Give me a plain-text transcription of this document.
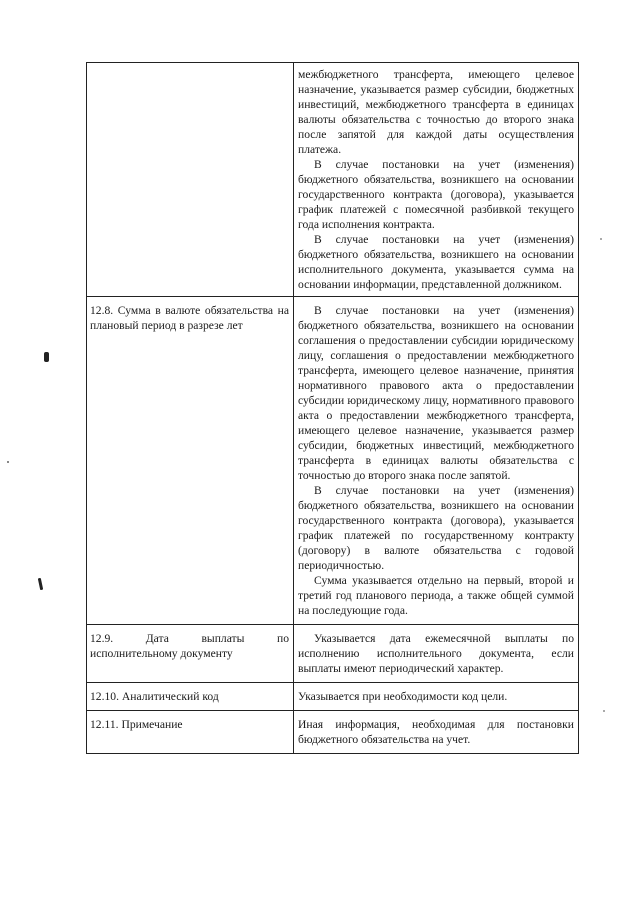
	межбюджетного трансферта, имеющего целевое назначение, указывается размер субсидии, бюджетных инвестиций, межбюджетного трансферта в единицах валюты обязательства с точностью до второго знака после запятой для каждой даты осуществления платежа.

В случае постановки на учет (изменения) бюджетного обязательства, возникшего на основании государственного контракта (договора), указывается график платежей с помесячной разбивкой текущего года исполнения контракта.

В случае постановки на учет (изменения) бюджетного обязательства, возникшего на основании исполнительного документа, указывается сумма на основании информации, представленной должником.

12.8. Сумма в валюте обязательства на плановый период в разрезе лет	В случае постановки на учет (изменения) бюджетного обязательства, возникшего на основании соглашения о предоставлении субсидии юридическому лицу, соглашения о предоставлении межбюджетного трансферта, имеющего целевое назначение, принятия нормативного правового акта о предоставлении субсидии юридическому лицу, нормативного правового акта о предоставлении межбюджетного трансферта, имеющего целевое назначение, указывается размер субсидии, бюджетных инвестиций, межбюджетного трансферта в единицах валюты обязательства с точностью до второго знака после запятой.

В случае постановки на учет (изменения) бюджетного обязательства, возникшего на основании государственного контракта (договора), указывается график платежей по государственному контракту (договору) в валюте обязательства с годовой периодичностью.

Сумма указывается отдельно на первый, второй и третий год планового периода, а также общей суммой на последующие года.

12.9. Дата выплаты по исполнительному документу	Указывается дата ежемесячной выплаты по исполнению исполнительного документа, если выплаты имеют периодический характер.

12.10. Аналитический код	Указывается при необходимости код цели.

12.11. Примечание	Иная информация, необходимая для постановки бюджетного обязательства на учет.
